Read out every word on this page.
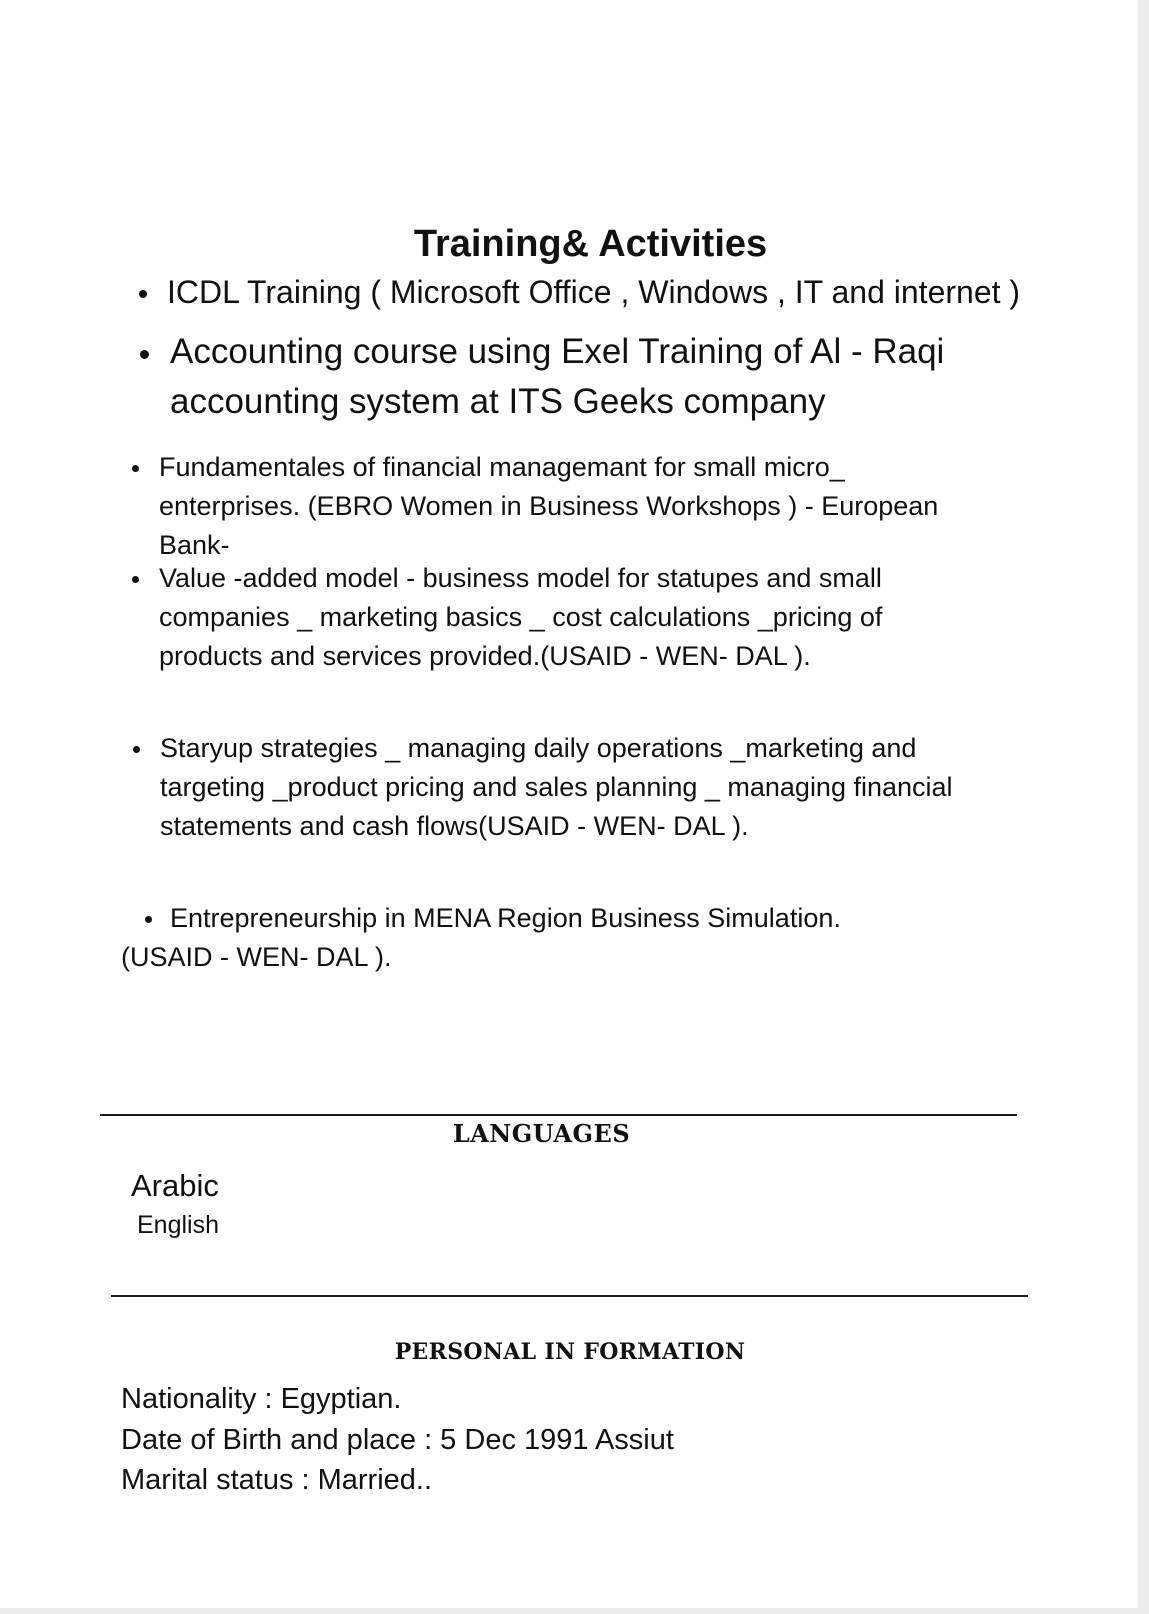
Training& Activities
ICDL Training ( Microsoft Office , Windows , IT and internet )
Accounting course using Exel Training of Al - Raqi
accounting system at ITS Geeks company
Fundamentales of financial managemant for small micro_
enterprises. (EBRO Women in Business Workshops ) - European
Bank-
Value -added model - business model for statupes and small
companies _ marketing basics _ cost calculations _pricing of
products and services provided.(USAID - WEN- DAL ).
Staryup strategies _ managing daily operations _marketing and
targeting _product pricing and sales planning _ managing financial
statements and cash flows(USAID - WEN- DAL ).
Entrepreneurship in MENA Region Business Simulation.
(USAID - WEN- DAL ).
LANGUAGES
Arabic
English
PERSONAL IN FORMATION
Nationality : Egyptian.
Date of Birth and place : 5 Dec 1991 Assiut
Marital status : Married..
